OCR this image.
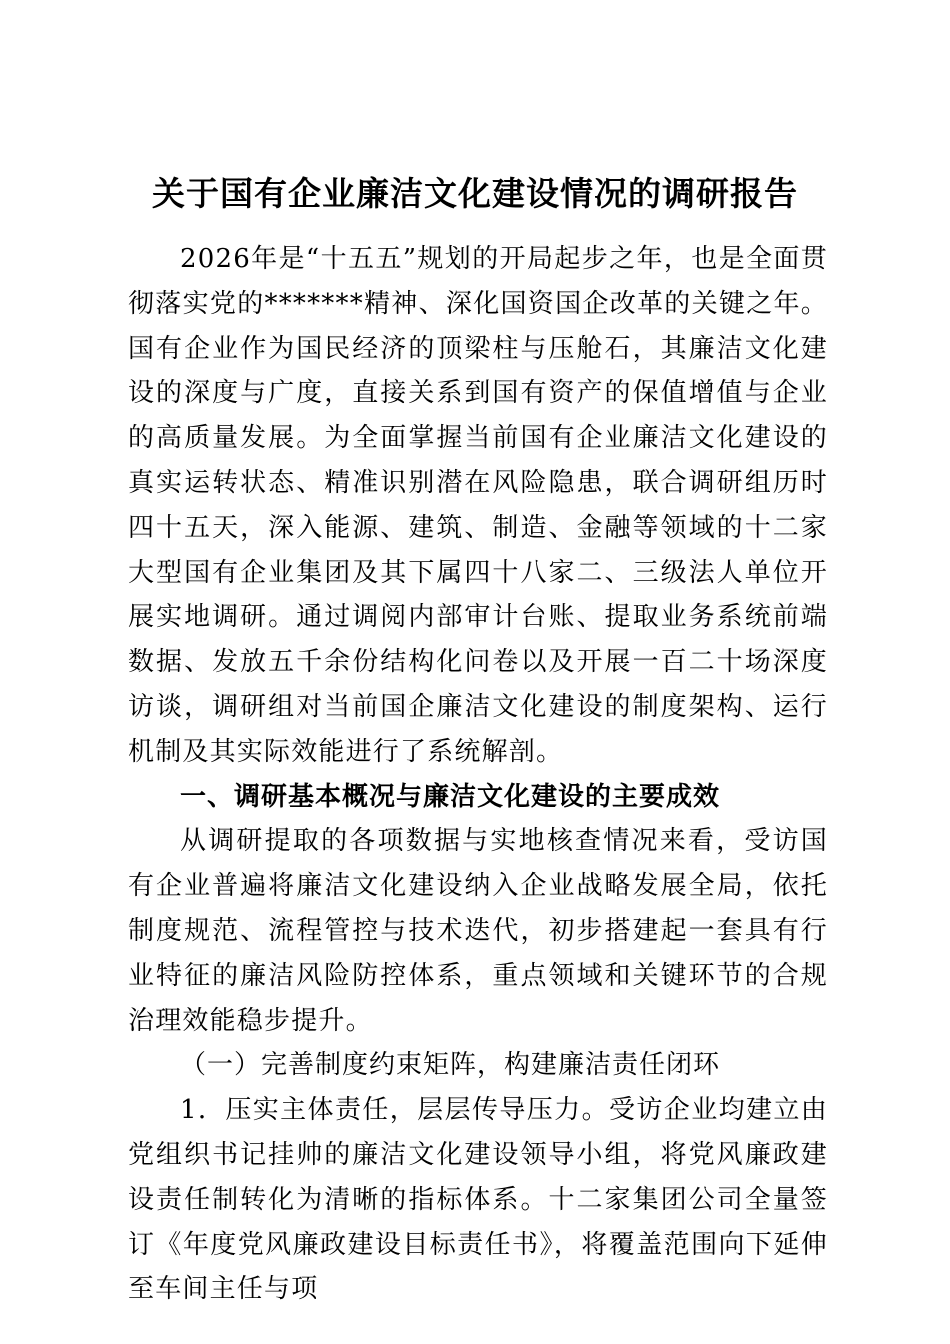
关于国有企业廉洁文化建设情况的调研报告

2026年是“十五五”规划的开局起步之年，也是全面贯彻落实党的*******精神、深化国资国企改革的关键之年。国有企业作为国民经济的顶梁柱与压舱石，其廉洁文化建设的深度与广度，直接关系到国有资产的保值增值与企业的高质量发展。为全面掌握当前国有企业廉洁文化建设的真实运转状态、精准识别潜在风险隐患，联合调研组历时四十五天，深入能源、建筑、制造、金融等领域的十二家大型国有企业集团及其下属四十八家二、三级法人单位开展实地调研。通过调阅内部审计台账、提取业务系统前端数据、发放五千余份结构化问卷以及开展一百二十场深度访谈，调研组对当前国企廉洁文化建设的制度架构、运行机制及其实际效能进行了系统解剖。

一、调研基本概况与廉洁文化建设的主要成效

从调研提取的各项数据与实地核查情况来看，受访国有企业普遍将廉洁文化建设纳入企业战略发展全局，依托制度规范、流程管控与技术迭代，初步搭建起一套具有行业特征的廉洁风险防控体系，重点领域和关键环节的合规治理效能稳步提升。

（一）完善制度约束矩阵，构建廉洁责任闭环

1．压实主体责任，层层传导压力。受访企业均建立由党组织书记挂帅的廉洁文化建设领导小组，将党风廉政建设责任制转化为清晰的指标体系。十二家集团公司全量签订《年度党风廉政建设目标责任书》，将覆盖范围向下延伸至车间主任与项
